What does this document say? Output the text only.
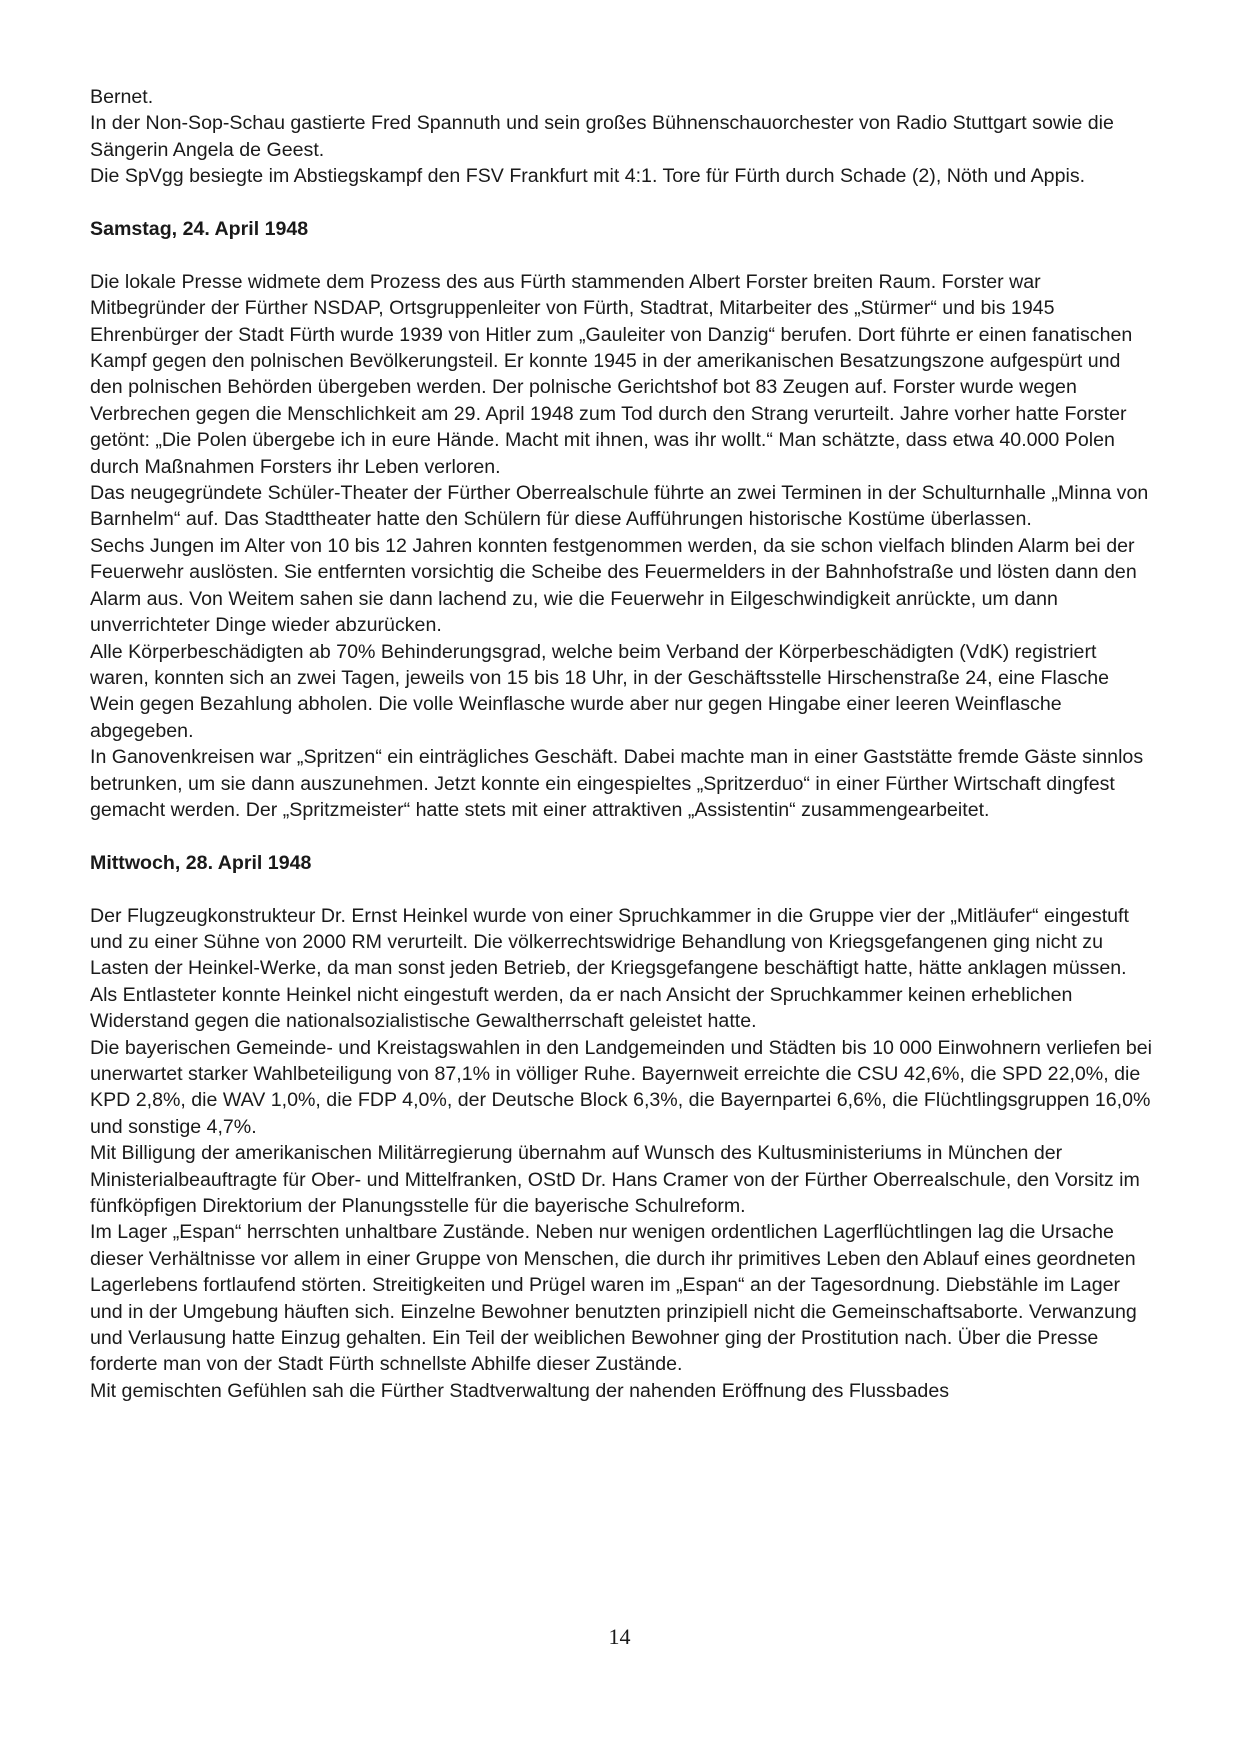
Bernet.

In der Non-Sop-Schau gastierte Fred Spannuth und sein großes Bühnenschauorchester von Radio Stuttgart sowie die Sängerin Angela de Geest.

Die SpVgg besiegte im Abstiegskampf den FSV Frankfurt mit 4:1. Tore für Fürth durch Schade (2), Nöth und Appis.

Samstag, 24. April 1948

Die lokale Presse widmete dem Prozess des aus Fürth stammenden Albert Forster breiten Raum. Forster war Mitbegründer der Fürther NSDAP, Ortsgruppenleiter von Fürth, Stadtrat, Mitarbeiter des „Stürmer“ und bis 1945 Ehrenbürger der Stadt Fürth wurde 1939 von Hitler zum „Gauleiter von Danzig“ berufen. Dort führte er einen fanatischen Kampf gegen den polnischen Bevölkerungsteil. Er konnte 1945 in der amerikanischen Besatzungszone aufgespürt und den polnischen Behörden übergeben werden. Der polnische Gerichtshof bot 83 Zeugen auf. Forster wurde wegen Verbrechen gegen die Menschlichkeit am 29. April 1948 zum Tod durch den Strang verurteilt. Jahre vorher hatte Forster getönt: „Die Polen übergebe ich in eure Hände. Macht mit ihnen, was ihr wollt.“ Man schätzte, dass etwa 40.000 Polen durch Maßnahmen Forsters ihr Leben verloren.

Das neugegründete Schüler-Theater der Fürther Oberrealschule führte an zwei Terminen in der Schulturnhalle „Minna von Barnhelm“ auf. Das Stadttheater hatte den Schülern für diese Aufführungen historische Kostüme überlassen.

Sechs Jungen im Alter von 10 bis 12 Jahren konnten festgenommen werden, da sie schon vielfach blinden Alarm bei der Feuerwehr auslösten. Sie entfernten vorsichtig die Scheibe des Feuermelders in der Bahnhofstraße und lösten dann den Alarm aus. Von Weitem sahen sie dann lachend zu, wie die Feuerwehr in Eilgeschwindigkeit anrückte, um dann unverrichteter Dinge wieder abzurücken.

Alle Körperbeschädigten ab 70% Behinderungsgrad, welche beim Verband der Körperbeschädigten (VdK) registriert waren, konnten sich an zwei Tagen, jeweils von 15 bis 18 Uhr, in der Geschäftsstelle Hirschenstraße 24, eine Flasche Wein gegen Bezahlung abholen. Die volle Weinflasche wurde aber nur gegen Hingabe einer leeren Weinflasche abgegeben.

In Ganovenkreisen war „Spritzen“ ein einträgliches Geschäft. Dabei machte man in einer Gaststätte fremde Gäste sinnlos betrunken, um sie dann auszunehmen. Jetzt konnte ein eingespieltes „Spritzerduo“ in einer Fürther Wirtschaft dingfest gemacht werden. Der „Spritzmeister“ hatte stets mit einer attraktiven „Assistentin“ zusammengearbeitet.

Mittwoch, 28. April 1948

Der Flugzeugkonstrukteur Dr. Ernst Heinkel wurde von einer Spruchkammer in die Gruppe vier der „Mitläufer“ eingestuft und zu einer Sühne von 2000 RM verurteilt. Die völkerrechtswidrige Behandlung von Kriegsgefangenen ging nicht zu Lasten der Heinkel-Werke, da man sonst jeden Betrieb, der Kriegsgefangene beschäftigt hatte, hätte anklagen müssen. Als Entlasteter konnte Heinkel nicht eingestuft werden, da er nach Ansicht der Spruchkammer keinen erheblichen Widerstand gegen die nationalsozialistische Gewaltherrschaft geleistet hatte.

Die bayerischen Gemeinde- und Kreistagswahlen in den Landgemeinden und Städten bis 10 000 Einwohnern verliefen bei unerwartet starker Wahlbeteiligung von 87,1% in völliger Ruhe. Bayernweit erreichte die CSU 42,6%, die SPD 22,0%, die KPD 2,8%, die WAV 1,0%, die FDP 4,0%, der Deutsche Block 6,3%, die Bayernpartei 6,6%, die Flüchtlingsgruppen 16,0% und sonstige 4,7%.

Mit Billigung der amerikanischen Militärregierung übernahm auf Wunsch des Kultusministeriums in München der Ministerialbeauftragte für Ober- und Mittelfranken, OStD Dr. Hans Cramer von der Fürther Oberrealschule, den Vorsitz im fünfköpfigen Direktorium der Planungsstelle für die bayerische Schulreform.

Im Lager „Espan“ herrschten unhaltbare Zustände. Neben nur wenigen ordentlichen Lagerflüchtlingen lag die Ursache dieser Verhältnisse vor allem in einer Gruppe von Menschen, die durch ihr primitives Leben den Ablauf eines geordneten Lagerlebens fortlaufend störten. Streitigkeiten und Prügel waren im „Espan“ an der Tagesordnung. Diebstähle im Lager und in der Umgebung häuften sich. Einzelne Bewohner benutzten prinzipiell nicht die Gemeinschaftsaborte. Verwanzung und Verlausung hatte Einzug gehalten. Ein Teil der weiblichen Bewohner ging der Prostitution nach. Über die Presse forderte man von der Stadt Fürth schnellste Abhilfe dieser Zustände.

Mit gemischten Gefühlen sah die Fürther Stadtverwaltung der nahenden Eröffnung des Flussbades

14
